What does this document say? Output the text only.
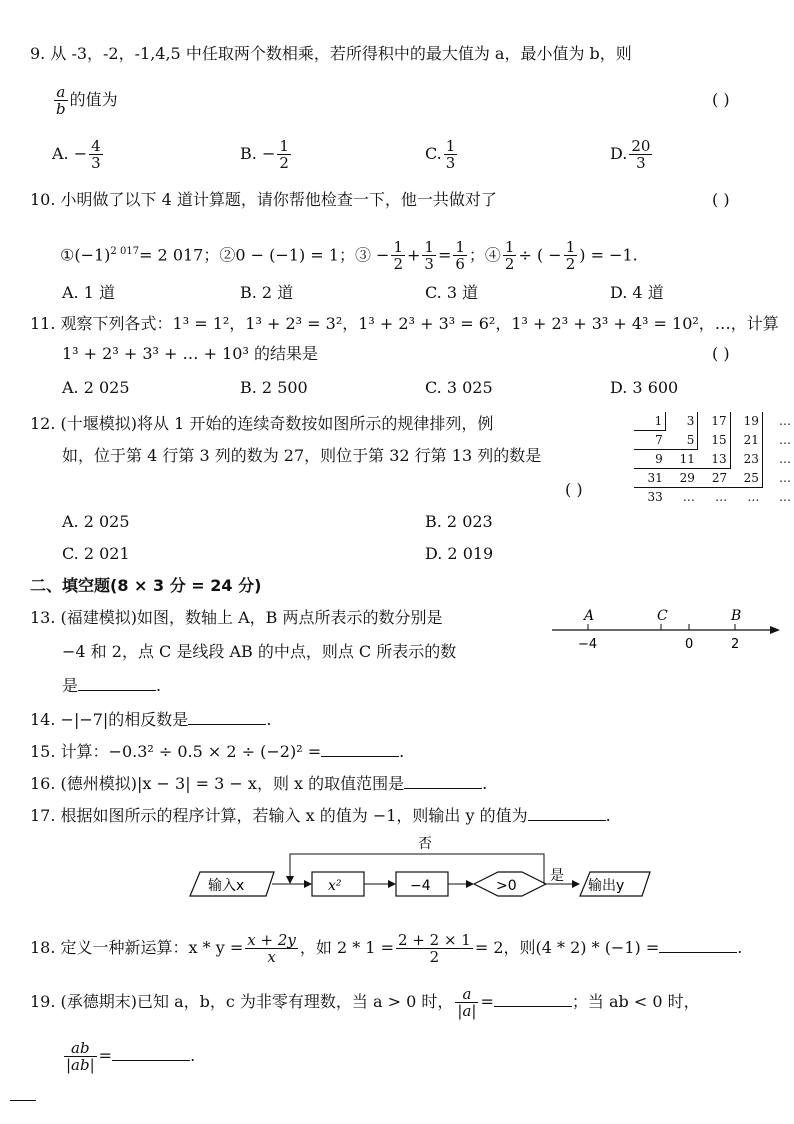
9. 从 -3，-2，-1,4,5 中任取两个数相乘，若所得积中的最大值为 a，最小值为 b，则
$\frac{a}{b}$ 的值为	( )
A. − $\frac{4}{3}$	B. − $\frac{1}{2}$	C. $\frac{1}{3}$	D. $\frac{20}{3}$
10. 小明做了以下 4 道计算题，请你帮他检查一下，他一共做对了	( )
$①(-1)^{2 017}= 2$ 017；②0 − (−1) = 1；③ − $\frac{1}{2} + \frac{1}{3} = \frac{1}{6}$ ；④ $\frac{1}{2}$ ÷ ( − $\frac{1}{2}$ ) = −1.
A. 1 道	B. 2 道	C. 3 道	D. 4 道
11. 观察下列各式：1³ = 1²，1³ + 2³ = 3²，1³ + 2³ + 3³ = 6²，1³ + 2³ + 3³ + 4³ = 10²，…，计算
1³ + 2³ + 3³ + … + 10³ 的结果是	( )
A. 2 025	B. 2 500	C. 3 025	D. 3 600
12. (十堰模拟)将从 1 开始的连续奇数按如图所示的规律排列，例
如，位于第 4 行第 3 列的数为 27，则位于第 32 行第 13 列的数是
( )
1	3	17	19	…
7	5	15	21	…
9	11	13	23	…
31	29	27	25	…
33	…	…	…	…
A. 2 025	B. 2 023
C. 2 021	D. 2 019
二、填空题(8 × 3 分 = 24 分)
13. (福建模拟)如图，数轴上 A，B 两点所表示的数分别是
−4 和 2，点 C 是线段 AB 的中点，则点 C 所表示的数
是	.
A	C	B
−4	0	2
14. −|−7|的相反数是	.
15. 计算：−0.3² ÷ 0.5 × 2 ÷ (−2)² =	.
16. (德州模拟)|x − 3| = 3 − x，则 x 的取值范围是	.
17. 根据如图所示的程序计算，若输入 x 的值为 −1，则输出 y 的值为	.
输入x	x²	−4	>0
是
输出y
否
18. 定义一种新运算：$x * y = \frac{x + 2y}{x}$ ，如 $2 * 1 = \frac{2 + 2 \times 1}{2} = 2$，则(4 * 2) * (−1) =	.
19. (承德期末)已知 a，b，c 为非零有理数，当 a > 0 时， $\frac{a}{|a|}$ =	；当 ab < 0 时，
$\frac{ab}{|ab|}$ =	.
